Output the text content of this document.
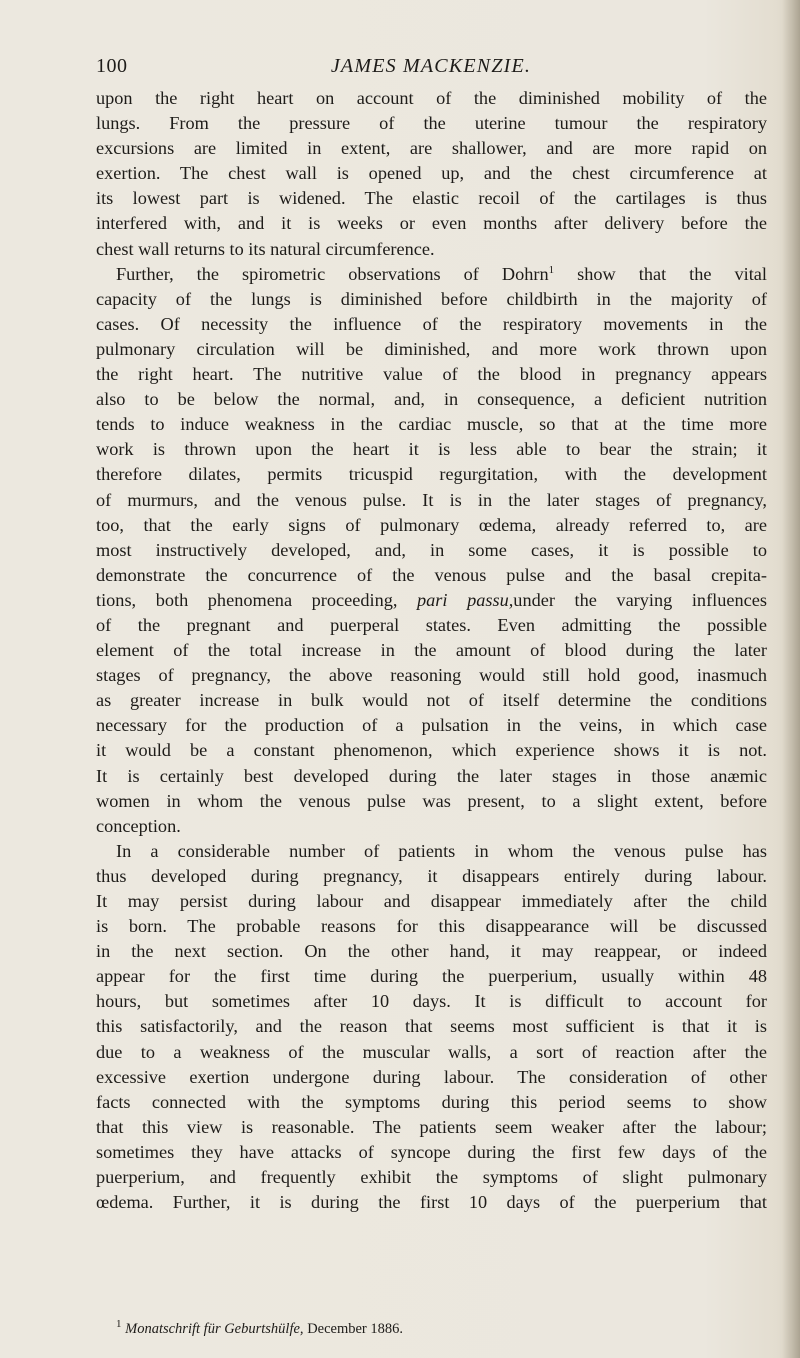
100	JAMES MACKENZIE.
upon the right heart on account of the diminished mobility of the
lungs. From the pressure of the uterine tumour the respiratory
excursions are limited in extent, are shallower, and are more rapid on
exertion. The chest wall is opened up, and the chest circumference at
its lowest part is widened. The elastic recoil of the cartilages is thus
interfered with, and it is weeks or even months after delivery before the
chest wall returns to its natural circumference.
Further, the spirometric observations of Dohrn$^1$ show that the vital
capacity of the lungs is diminished before childbirth in the majority of
cases. Of necessity the influence of the respiratory movements in the
pulmonary circulation will be diminished, and more work thrown upon
the right heart. The nutritive value of the blood in pregnancy appears
also to be below the normal, and, in consequence, a deficient nutrition
tends to induce weakness in the cardiac muscle, so that at the time more
work is thrown upon the heart it is less able to bear the strain; it
therefore dilates, permits tricuspid regurgitation, with the development
of murmurs, and the venous pulse. It is in the later stages of pregnancy,
too, that the early signs of pulmonary œdema, already referred to, are
most instructively developed, and, in some cases, it is possible to
demonstrate the concurrence of the venous pulse and the basal crepita-
tions, both phenomena proceeding, pari passu,under the varying influences
of the pregnant and puerperal states. Even admitting the possible
element of the total increase in the amount of blood during the later
stages of pregnancy, the above reasoning would still hold good, inasmuch
as greater increase in bulk would not of itself determine the conditions
necessary for the production of a pulsation in the veins, in which case
it would be a constant phenomenon, which experience shows it is not.
It is certainly best developed during the later stages in those anæmic
women in whom the venous pulse was present, to a slight extent, before
conception.
In a considerable number of patients in whom the venous pulse has
thus developed during pregnancy, it disappears entirely during labour.
It may persist during labour and disappear immediately after the child
is born. The probable reasons for this disappearance will be discussed
in the next section. On the other hand, it may reappear, or indeed
appear for the first time during the puerperium, usually within 48
hours, but sometimes after 10 days. It is difficult to account for
this satisfactorily, and the reason that seems most sufficient is that it is
due to a weakness of the muscular walls, a sort of reaction after the
excessive exertion undergone during labour. The consideration of other
facts connected with the symptoms during this period seems to show
that this view is reasonable. The patients seem weaker after the labour;
sometimes they have attacks of syncope during the first few days of the
puerperium, and frequently exhibit the symptoms of slight pulmonary
œdema. Further, it is during the first 10 days of the puerperium that
$^1$ Monatschrift für Geburtshülfe, December 1886.
